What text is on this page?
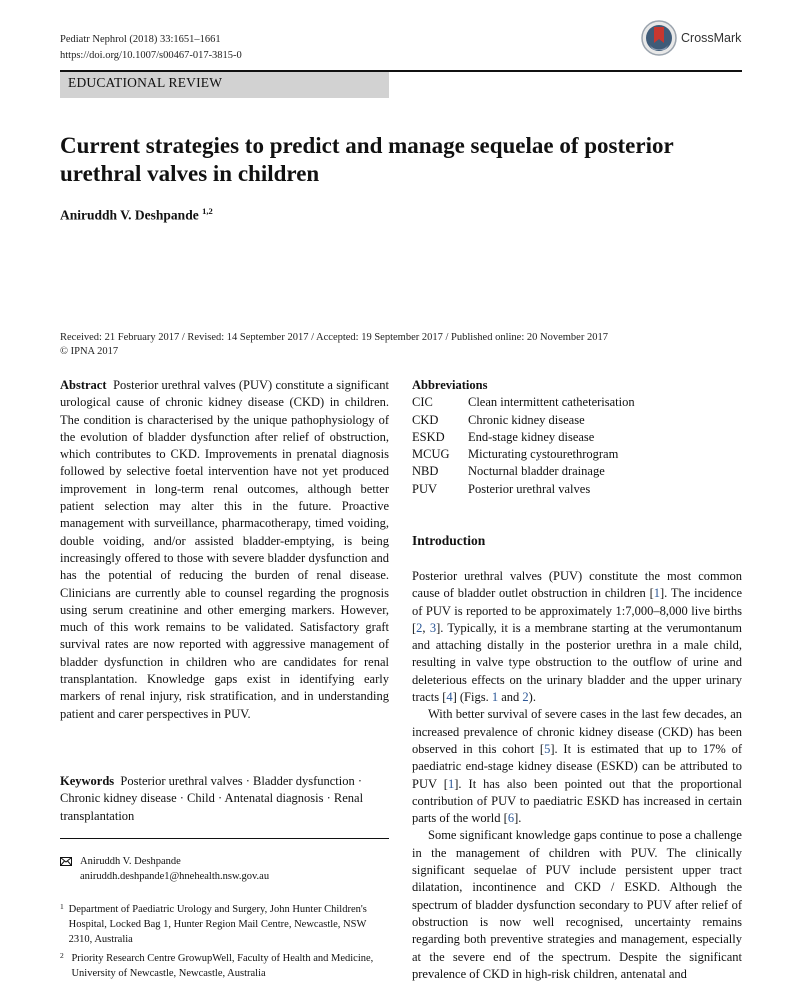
Pediatr Nephrol (2018) 33:1651–1661
https://doi.org/10.1007/s00467-017-3815-0
CrossMark
EDUCATIONAL REVIEW
Current strategies to predict and manage sequelae of posterior
urethral valves in children
Aniruddh V. Deshpande $^{1,2}$
Received: 21 February 2017 / Revised: 14 September 2017 / Accepted: 19 September 2017 / Published online: 20 November 2017
© IPNA 2017
Abstract Posterior urethral valves (PUV) constitute a significant urological cause of chronic kidney disease (CKD) in children. The condition is characterised by the unique pathophysiology of the evolution of bladder dysfunction after relief of obstruction, which contributes to CKD. Improvements in prenatal diagnosis followed by selective foetal intervention have not yet produced improvement in long-term renal outcomes, although better patient selection may alter this in the future. Proactive management with surveillance, pharmacotherapy, timed voiding, double voiding, and/or assisted bladder-emptying, is being increasingly offered to those with severe bladder dysfunction and has the potential of reducing the burden of renal disease. Clinicians are currently able to counsel regarding the prognosis using serum creatinine and other emerging markers. However, much of this work remains to be validated. Satisfactory graft survival rates are now reported with aggressive management of bladder dysfunction in children who are candidates for renal transplantation. Knowledge gaps exist in identifying early markers of renal injury, risk stratification, and in understanding patient and carer perspectives in PUV.
Keywords Posterior urethral valves · Bladder dysfunction · Chronic kidney disease · Child · Antenatal diagnosis · Renal transplantation
Aniruddh V. Deshpande
aniruddh.deshpande1@hnehealth.nsw.gov.au
1 Department of Paediatric Urology and Surgery, John Hunter Children's Hospital, Locked Bag 1, Hunter Region Mail Centre, Newcastle, NSW 2310, Australia
2 Priority Research Centre GrowupWell, Faculty of Health and Medicine, University of Newcastle, Newcastle, Australia
Abbreviations
CIC	Clean intermittent catheterisation
CKD	Chronic kidney disease
ESKD	End-stage kidney disease
MCUG	Micturating cystourethrogram
NBD	Nocturnal bladder drainage
PUV	Posterior urethral valves
Introduction

Posterior urethral valves (PUV) constitute the most common cause of bladder outlet obstruction in children [1]. The incidence of PUV is reported to be approximately 1:7,000–8,000 live births [2, 3]. Typically, it is a membrane starting at the verumontanum and attaching distally in the posterior urethra in a male child, resulting in valve type obstruction to the outflow of urine and deleterious effects on the urinary bladder and the upper urinary tracts [4] (Figs. 1 and 2).

With better survival of severe cases in the last few decades, an increased prevalence of chronic kidney disease (CKD) has been observed in this cohort [5]. It is estimated that up to 17% of paediatric end-stage kidney disease (ESKD) can be attributed to PUV [1]. It has also been pointed out that the proportional contribution of PUV to paediatric ESKD has increased in certain parts of the world [6].

Some significant knowledge gaps continue to pose a challenge in the management of children with PUV. The clinically significant sequelae of PUV include persistent upper tract dilatation, incontinence and CKD / ESKD. Although the spectrum of bladder dysfunction secondary to PUV after relief of obstruction is now well recognised, uncertainty remains regarding both preventive strategies and management, especially at the severe end of the spectrum. Despite the significant prevalence of CKD in high-risk children, antenatal and
